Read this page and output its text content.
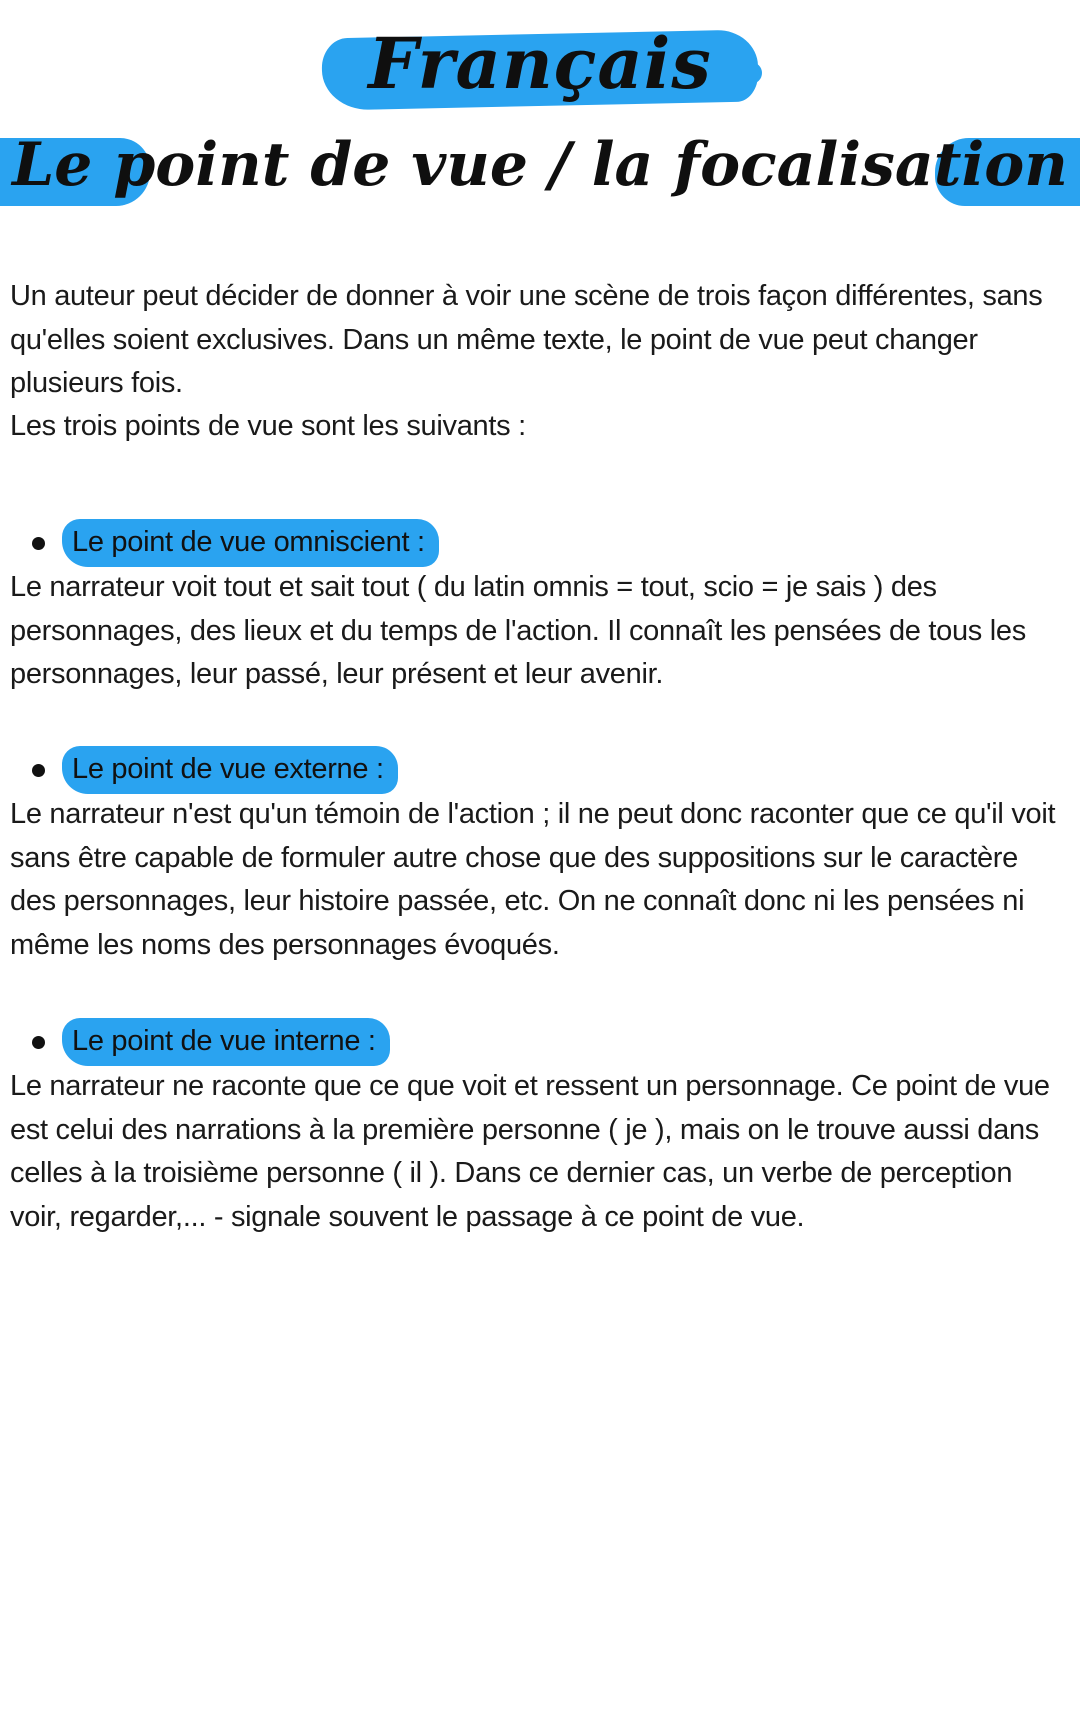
Français
Le point de vue / la focalisation

Un auteur peut décider de donner à voir une scène de trois façon différentes, sans qu'elles soient exclusives. Dans un même texte, le point de vue peut changer plusieurs fois.

Les trois points de vue sont les suivants :

Le point de vue omniscient :

Le narrateur voit tout et sait tout ( du latin omnis = tout, scio = je sais ) des personnages, des lieux et du temps de l'action. Il connaît les pensées de tous les personnages, leur passé, leur présent et leur avenir.

Le point de vue externe :

Le narrateur n'est qu'un témoin de l'action ; il ne peut donc raconter que ce qu'il voit sans être capable de formuler autre chose que des suppositions sur le caractère des personnages, leur histoire passée, etc. On ne connaît donc ni les pensées ni même les noms des personnages évoqués.

Le point de vue interne :

Le narrateur ne raconte que ce que voit et ressent un personnage. Ce point de vue est celui des narrations à la première personne ( je ), mais on le trouve aussi dans celles à la troisième personne ( il ). Dans ce dernier cas, un verbe de perception voir, regarder,... - signale souvent le passage à ce point de vue.
